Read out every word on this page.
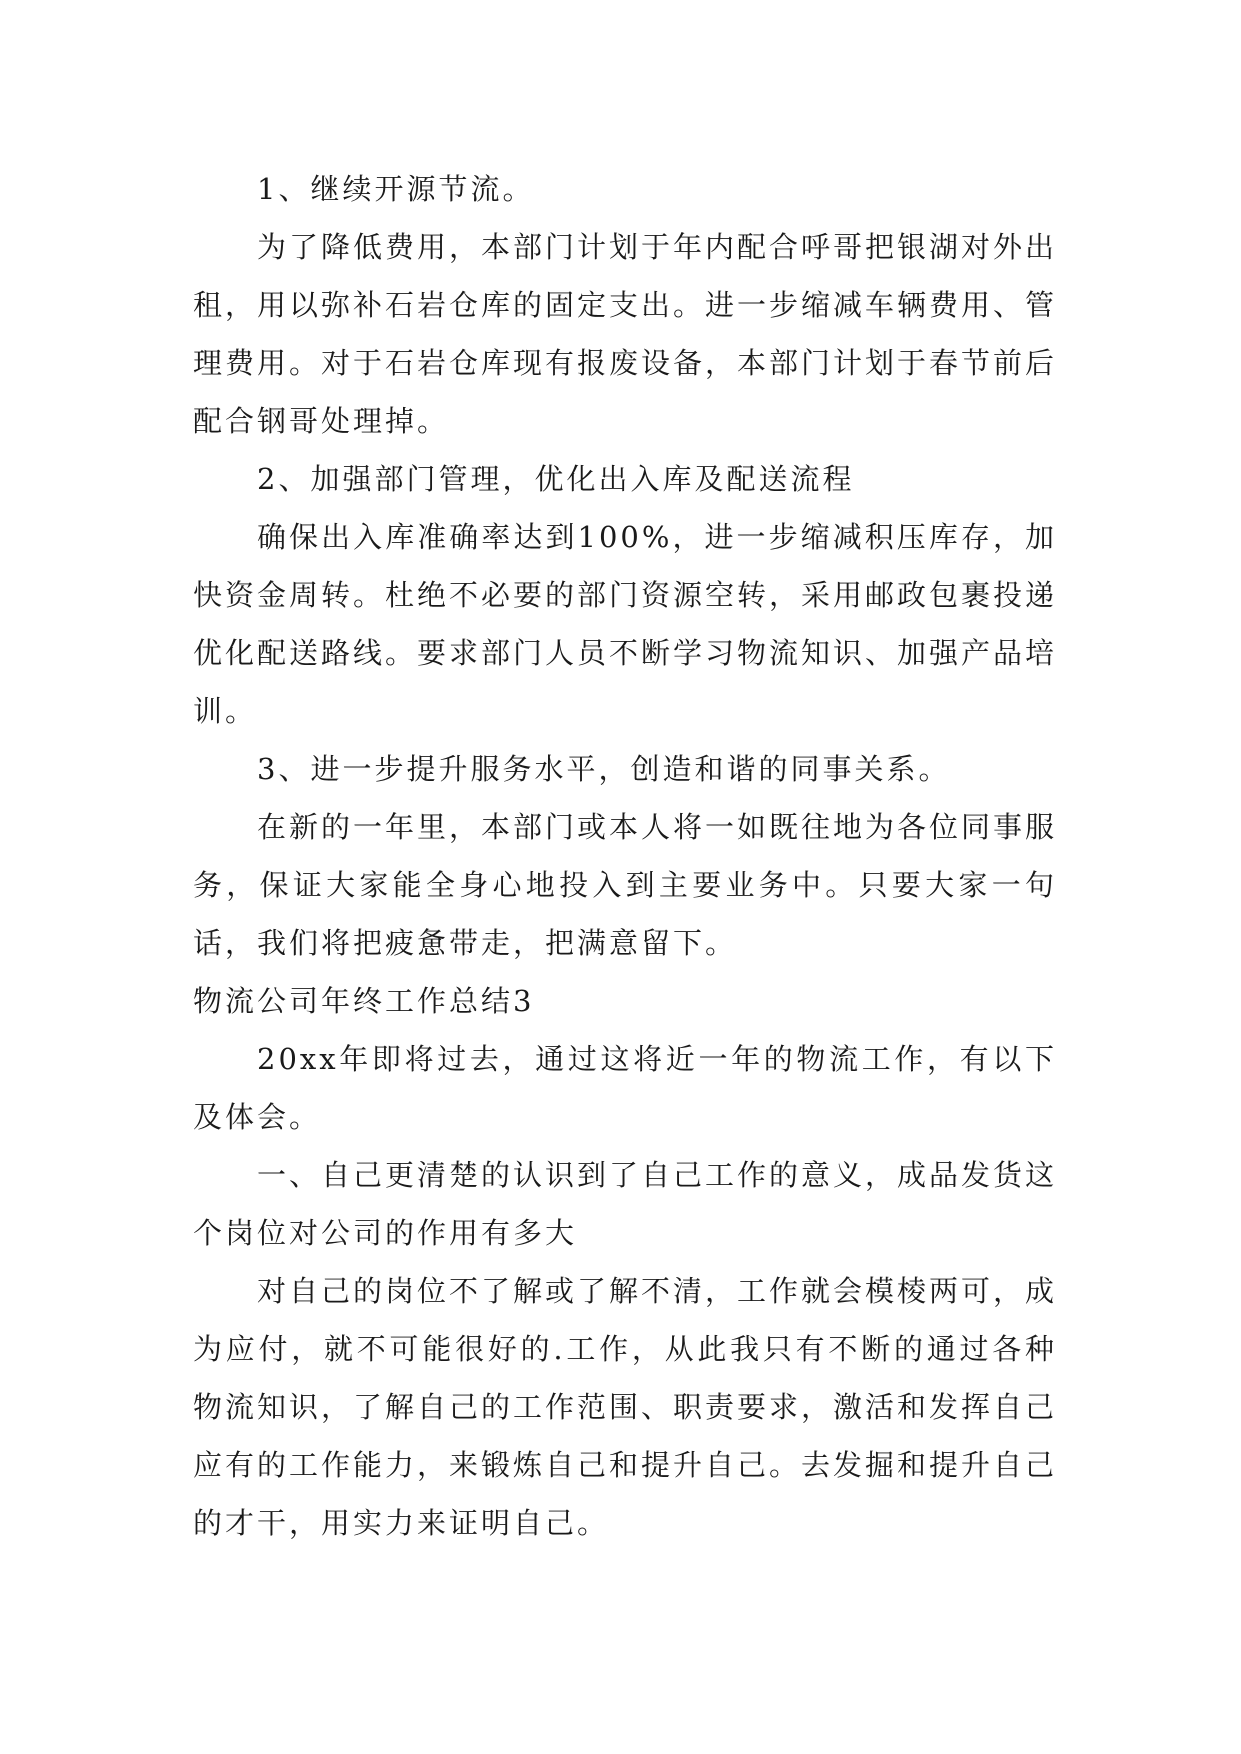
1、继续开源节流。

为了降低费用，本部门计划于年内配合呼哥把银湖对外出租，用以弥补石岩仓库的固定支出。进一步缩减车辆费用、管理费用。对于石岩仓库现有报废设备，本部门计划于春节前后配合钢哥处理掉。

2、加强部门管理，优化出入库及配送流程

确保出入库准确率达到100%，进一步缩减积压库存，加快资金周转。杜绝不必要的部门资源空转，采用邮政包裹投递优化配送路线。要求部门人员不断学习物流知识、加强产品培训。

3、进一步提升服务水平，创造和谐的同事关系。

在新的一年里，本部门或本人将一如既往地为各位同事服务，保证大家能全身心地投入到主要业务中。只要大家一句话，我们将把疲惫带走，把满意留下。

物流公司年终工作总结3

20xx年即将过去，通过这将近一年的物流工作，有以下及体会。

一、自己更清楚的认识到了自己工作的意义，成品发货这个岗位对公司的作用有多大

对自己的岗位不了解或了解不清，工作就会模棱两可，成为应付，就不可能很好的.工作，从此我只有不断的通过各种物流知识，了解自己的工作范围、职责要求，激活和发挥自己应有的工作能力，来锻炼自己和提升自己。去发掘和提升自己的才干，用实力来证明自己。
